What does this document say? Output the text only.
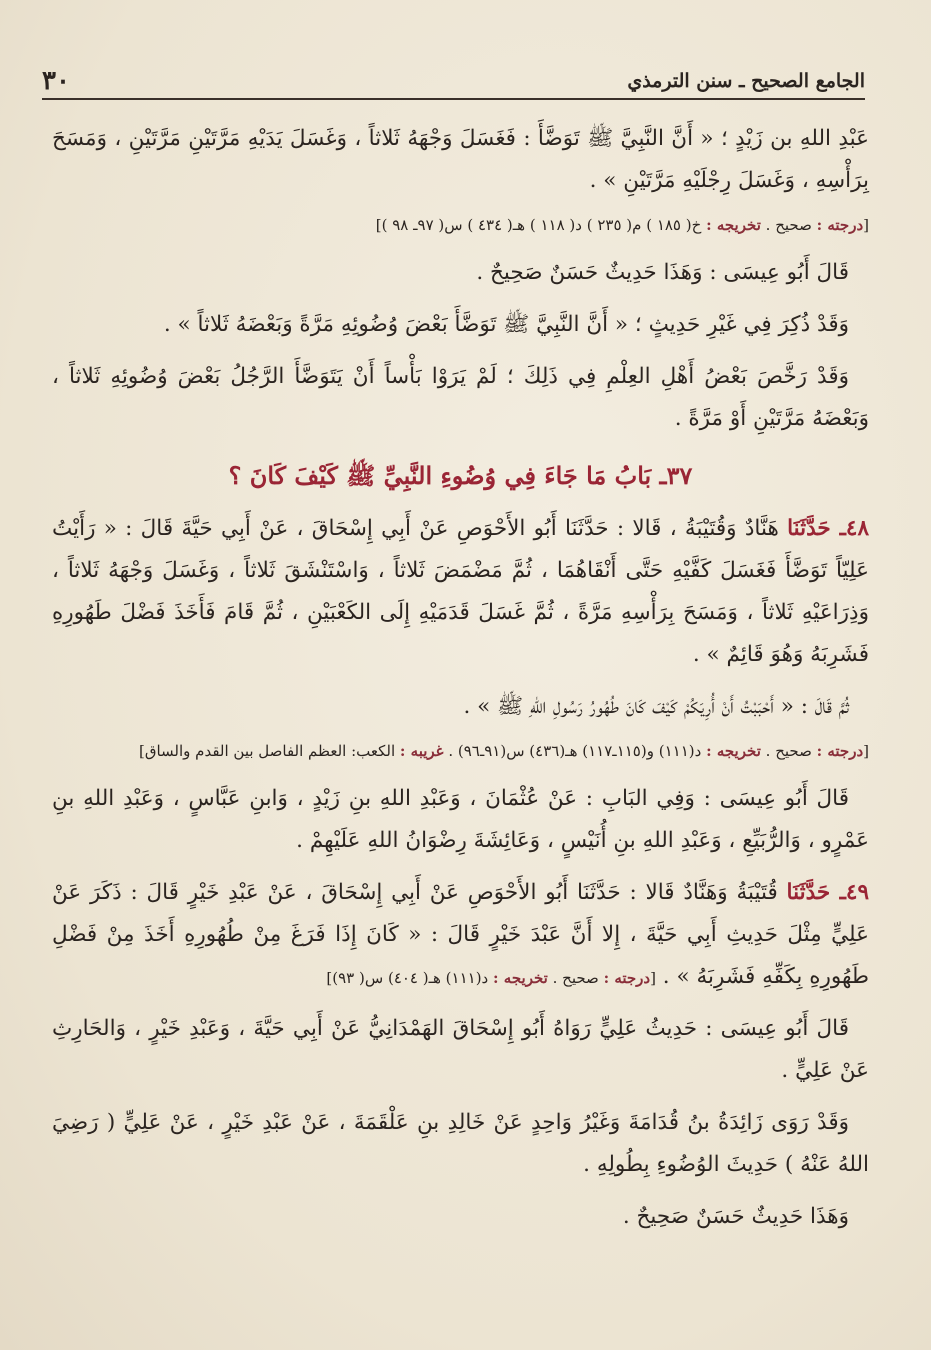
٣٠	الجامع الصحيح ـ سنن الترمذي

عَبْدِ اللهِ بن زَيْدٍ ؛ « أَنَّ النَّبِيَّ ﷺ تَوَضَّأَ : فَغَسَلَ وَجْهَهُ ثَلاثاً ، وَغَسَلَ يَدَيْهِ مَرَّتَيْنِ مَرَّتَيْنِ ، وَمَسَحَ بِرَأْسِهِ ، وَغَسَلَ رِجْلَيْهِ مَرَّتَيْنِ » .

[درجته : صحيح . تخريجه : خ( ١٨٥ ) م( ٢٣٥ ) د( ١١٨ ) هـ( ٤٣٤ ) س( ٩٧ـ ٩٨ )]

قَالَ أَبُو عِيسَى : وَهَذَا حَدِيثٌ حَسَنٌ صَحِيحٌ .

وَقَدْ ذُكِرَ فِي غَيْرِ حَدِيثٍ ؛ « أَنَّ النَّبِيَّ ﷺ تَوَضَّأَ بَعْضَ وُضُوئِهِ مَرَّةً وَبَعْضَهُ ثَلاثاً » .

وَقَدْ رَخَّصَ بَعْضُ أَهْلِ العِلْمِ فِي ذَلِكَ ؛ لَمْ يَرَوْا بَأْساً أَنْ يَتَوَضَّأَ الرَّجُلُ بَعْضَ وُضُوئِهِ ثَلاثاً ، وَبَعْضَهُ مَرَّتَيْنِ أَوْ مَرَّةً .

٣٧ـ بَابُ مَا جَاءَ فِي وُضُوءِ النَّبِيِّ ﷺ كَيْفَ كَانَ ؟

٤٨ـ حَدَّثَنَا هَنَّادٌ وَقُتَيْبَةُ ، قَالا : حَدَّثَنَا أَبُو الأَحْوَصِ عَنْ أَبِي إِسْحَاقَ ، عَنْ أَبِي حَيَّةَ قَالَ : « رَأَيْتُ عَلِيّاً تَوَضَّأَ فَغَسَلَ كَفَّيْهِ حَتَّى أَنْقَاهُمَا ، ثُمَّ مَضْمَضَ ثَلاثاً ، وَاسْتَنْشَقَ ثَلاثاً ، وَغَسَلَ وَجْهَهُ ثَلاثاً ، وَذِرَاعَيْهِ ثَلاثاً ، وَمَسَحَ بِرَأْسِهِ مَرَّةً ، ثُمَّ غَسَلَ قَدَمَيْهِ إِلَى الكَعْبَيْنِ ، ثُمَّ قَامَ فَأَخَذَ فَضْلَ طَهُورِهِ فَشَرِبَهُ وَهُوَ قَائِمٌ » .

ثُمَّ قَالَ : « أَحْبَبْتُ أَنْ أُرِيَكُمْ كَيْفَ كَانَ طُهُورُ رَسُولِ اللهِ ﷺ » .

[درجته : صحيح . تخريجه : د(١١١) و(١١٥ـ١١٧) هـ(٤٣٦) س(٩١ـ٩٦) . غريبه : الكعب: العظم الفاصل بين القدم والساق]

قَالَ أَبُو عِيسَى : وَفِي البَابِ : عَنْ عُثْمَانَ ، وَعَبْدِ اللهِ بنِ زَيْدٍ ، وَابنِ عَبَّاسٍ ، وَعَبْدِ اللهِ بنِ عَمْرٍو ، وَالرُّبَيِّعِ ، وَعَبْدِ اللهِ بنِ أُنَيْسٍ ، وَعَائِشَةَ رِضْوَانُ اللهِ عَلَيْهِمْ .

٤٩ـ حَدَّثَنَا قُتَيْبَةُ وَهَنَّادٌ قَالا : حَدَّثَنَا أَبُو الأَحْوَصِ عَنْ أَبِي إِسْحَاقَ ، عَنْ عَبْدِ خَيْرٍ قَالَ : ذَكَرَ عَنْ عَلِيٍّ مِثْلَ حَدِيثِ أَبِي حَيَّةَ ، إِلا أَنَّ عَبْدَ خَيْرٍ قَالَ : « كَانَ إِذَا فَرَغَ مِنْ طُهُورِهِ أَخَذَ مِنْ فَضْلِ طَهُورِهِ بِكَفِّهِ فَشَرِبَهُ » . [درجته : صحيح . تخريجه : د(١١١) هـ( ٤٠٤) س( ٩٣)]

قَالَ أَبُو عِيسَى : حَدِيثُ عَلِيٍّ رَوَاهُ أَبُو إِسْحَاقَ الهَمْدَانِيُّ عَنْ أَبِي حَيَّةَ ، وَعَبْدِ خَيْرٍ ، وَالحَارِثِ عَنْ عَلِيٍّ .

وَقَدْ رَوَى زَائِدَةُ بنُ قُدَامَةَ وَغَيْرُ وَاحِدٍ عَنْ خَالِدِ بنِ عَلْقَمَةَ ، عَنْ عَبْدِ خَيْرٍ ، عَنْ عَلِيٍّ ( رَضِيَ اللهُ عَنْهُ ) حَدِيثَ الوُضُوءِ بِطُولِهِ .

وَهَذَا حَدِيثٌ حَسَنٌ صَحِيحٌ .
